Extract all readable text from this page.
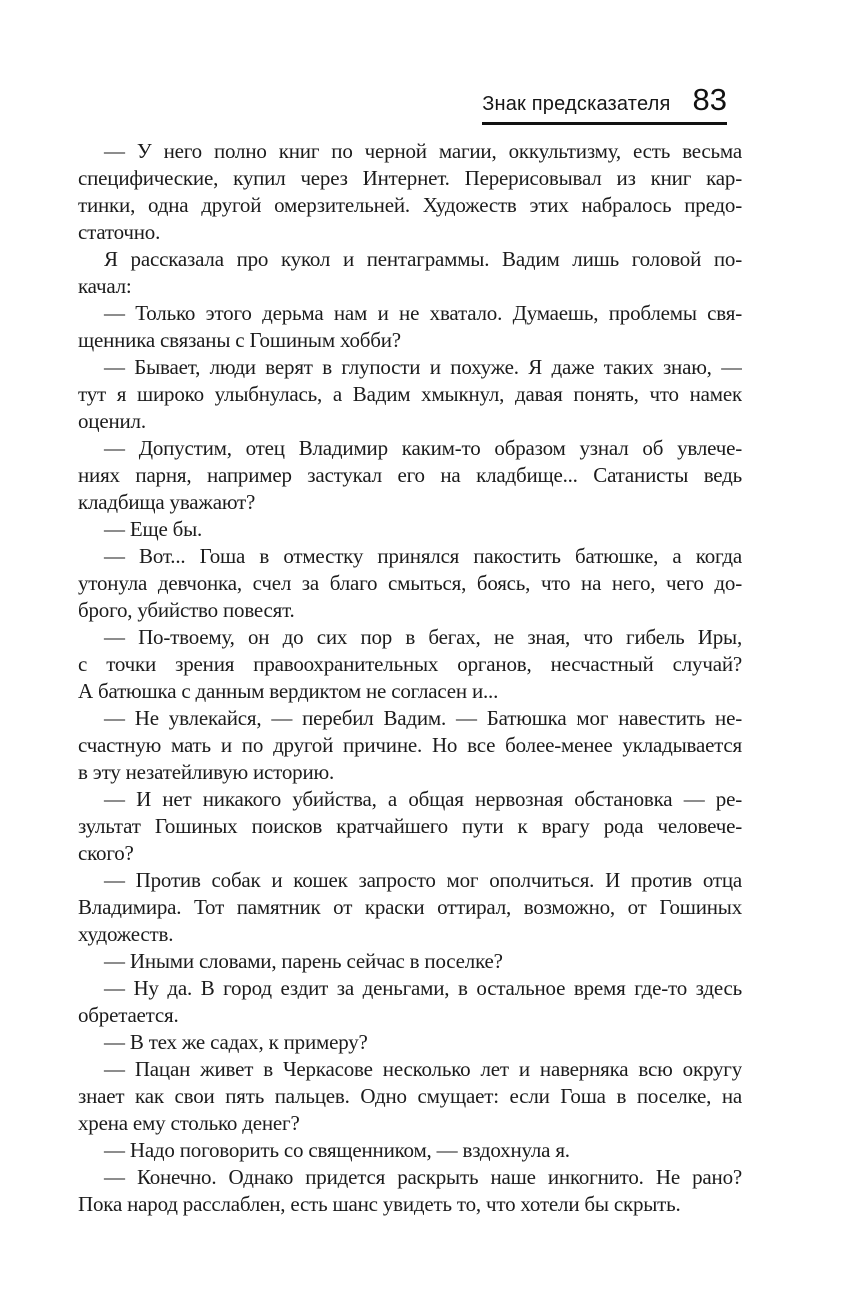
Знак предсказателя 83
— У него полно книг по черной магии, оккультизму, есть весьма
специфические, купил через Интернет. Перерисовывал из книг кар-
тинки, одна другой омерзительней. Художеств этих набралось предо-
статочно.
Я рассказала про кукол и пентаграммы. Вадим лишь головой по-
качал:
— Только этого дерьма нам и не хватало. Думаешь, проблемы свя-
щенника связаны с Гошиным хобби?
— Бывает, люди верят в глупости и похуже. Я даже таких знаю, —
тут я широко улыбнулась, а Вадим хмыкнул, давая понять, что намек
оценил.
— Допустим, отец Владимир каким-то образом узнал об увлече-
ниях парня, например застукал его на кладбище... Сатанисты ведь
кладбища уважают?
— Еще бы.
— Вот... Гоша в отместку принялся пакостить батюшке, а когда
утонула девчонка, счел за благо смыться, боясь, что на него, чего до-
брого, убийство повесят.
— По-твоему, он до сих пор в бегах, не зная, что гибель Иры,
с точки зрения правоохранительных органов, несчастный случай?
А батюшка с данным вердиктом не согласен и...
— Не увлекайся, — перебил Вадим. — Батюшка мог навестить не-
счастную мать и по другой причине. Но все более-менее укладывается
в эту незатейливую историю.
— И нет никакого убийства, а общая нервозная обстановка — ре-
зультат Гошиных поисков кратчайшего пути к врагу рода человече-
ского?
— Против собак и кошек запросто мог ополчиться. И против отца
Владимира. Тот памятник от краски оттирал, возможно, от Гошиных
художеств.
— Иными словами, парень сейчас в поселке?
— Ну да. В город ездит за деньгами, в остальное время где-то здесь
обретается.
— В тех же садах, к примеру?
— Пацан живет в Черкасове несколько лет и наверняка всю округу
знает как свои пять пальцев. Одно смущает: если Гоша в поселке, на
хрена ему столько денег?
— Надо поговорить со священником, — вздохнула я.
— Конечно. Однако придется раскрыть наше инкогнито. Не рано?
Пока народ расслаблен, есть шанс увидеть то, что хотели бы скрыть.
